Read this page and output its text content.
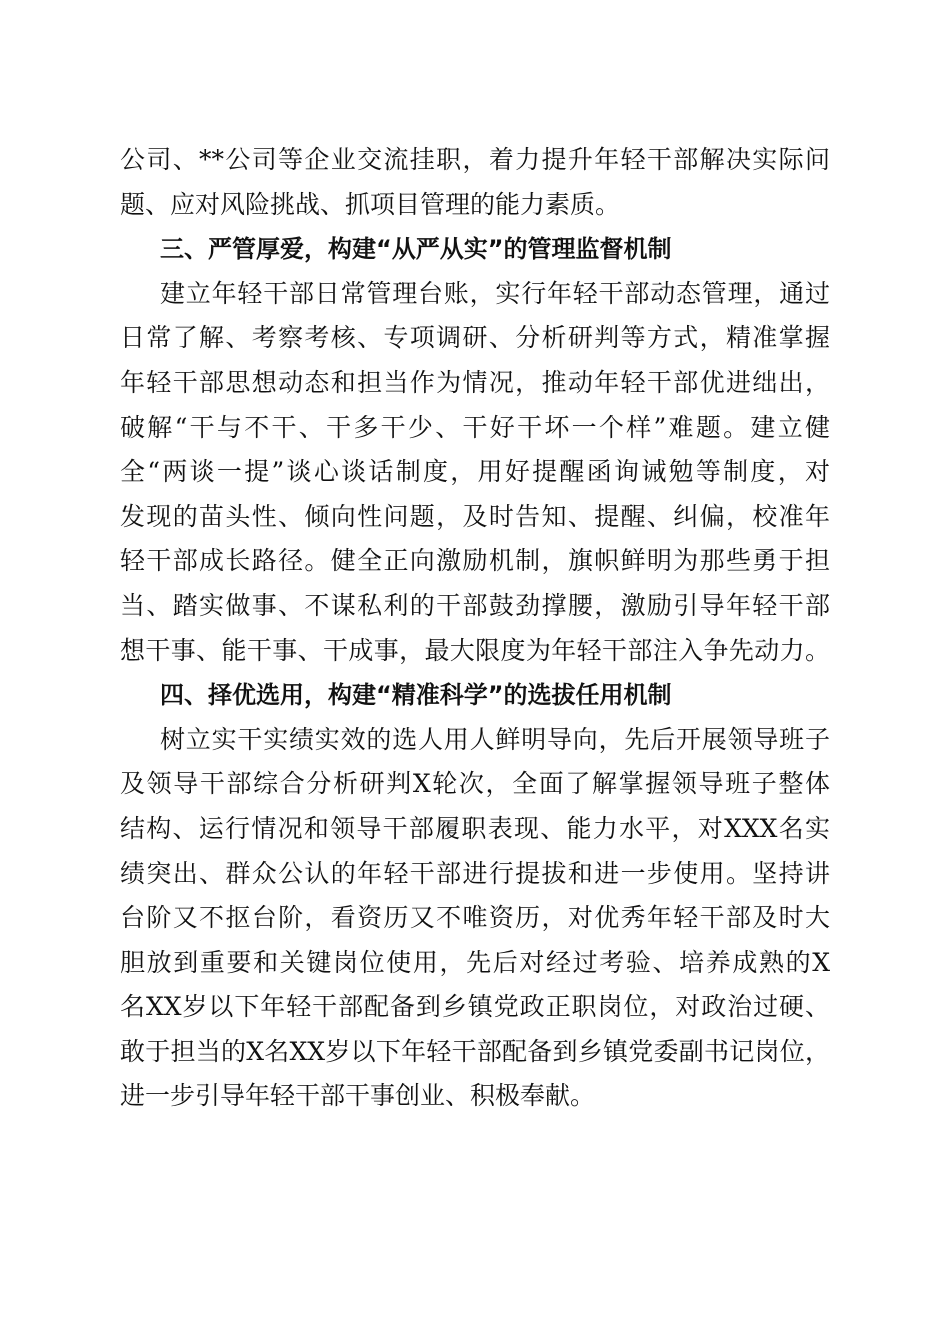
公司、**公司等企业交流挂职，着力提升年轻干部解决实际问
题、应对风险挑战、抓项目管理的能力素质。
三、严管厚爱，构建“从严从实”的管理监督机制
建立年轻干部日常管理台账，实行年轻干部动态管理，通过
日常了解、考察考核、专项调研、分析研判等方式，精准掌握
年轻干部思想动态和担当作为情况，推动年轻干部优进绌出，
破解“干与不干、干多干少、干好干坏一个样”难题。建立健
全“两谈一提”谈心谈话制度，用好提醒函询诫勉等制度，对
发现的苗头性、倾向性问题，及时告知、提醒、纠偏，校准年
轻干部成长路径。健全正向激励机制，旗帜鲜明为那些勇于担
当、踏实做事、不谋私利的干部鼓劲撑腰，激励引导年轻干部
想干事、能干事、干成事，最大限度为年轻干部注入争先动力。
四、择优选用，构建“精准科学”的选拔任用机制
树立实干实绩实效的选人用人鲜明导向，先后开展领导班子
及领导干部综合分析研判X轮次，全面了解掌握领导班子整体
结构、运行情况和领导干部履职表现、能力水平，对XXX名实
绩突出、群众公认的年轻干部进行提拔和进一步使用。坚持讲
台阶又不抠台阶，看资历又不唯资历，对优秀年轻干部及时大
胆放到重要和关键岗位使用，先后对经过考验、培养成熟的X
名XX岁以下年轻干部配备到乡镇党政正职岗位，对政治过硬、
敢于担当的X名XX岁以下年轻干部配备到乡镇党委副书记岗位，
进一步引导年轻干部干事创业、积极奉献。
